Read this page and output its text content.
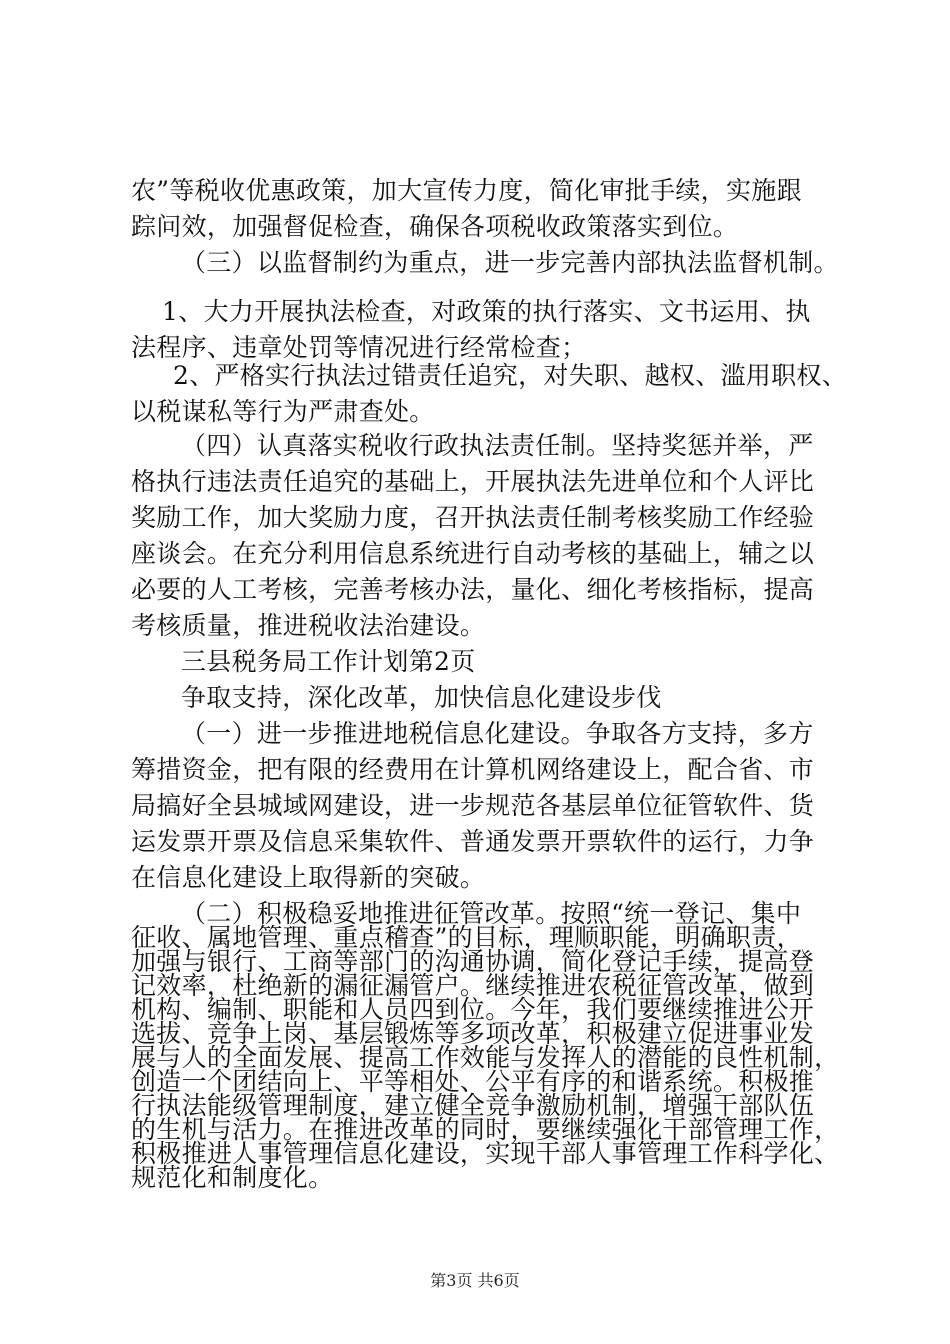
农”等税收优惠政策，加大宣传力度，简化审批手续，实施跟
踪问效，加强督促检查，确保各项税收政策落实到位。
（三）以监督制约为重点，进一步完善内部执法监督机制。
1、大力开展执法检查，对政策的执行落实、文书运用、执
法程序、违章处罚等情况进行经常检查；
2、严格实行执法过错责任追究，对失职、越权、滥用职权、
以税谋私等行为严肃查处。
（四）认真落实税收行政执法责任制。坚持奖惩并举，严
格执行违法责任追究的基础上，开展执法先进单位和个人评比
奖励工作，加大奖励力度，召开执法责任制考核奖励工作经验
座谈会。在充分利用信息系统进行自动考核的基础上，辅之以
必要的人工考核，完善考核办法，量化、细化考核指标，提高
考核质量，推进税收法治建设。
三县税务局工作计划第2页
争取支持，深化改革，加快信息化建设步伐
（一）进一步推进地税信息化建设。争取各方支持，多方
筹措资金，把有限的经费用在计算机网络建设上，配合省、市
局搞好全县城域网建设，进一步规范各基层单位征管软件、货
运发票开票及信息采集软件、普通发票开票软件的运行，力争
在信息化建设上取得新的突破。
（二）积极稳妥地推进征管改革。按照“统一登记、集中
征收、属地管理、重点稽查”的目标，理顺职能，明确职责，
加强与银行、工商等部门的沟通协调，简化登记手续，提高登
记效率，杜绝新的漏征漏管户。继续推进农税征管改革，做到
机构、编制、职能和人员四到位。今年，我们要继续推进公开
选拔、竞争上岗、基层锻炼等多项改革，积极建立促进事业发
展与人的全面发展、提高工作效能与发挥人的潜能的良性机制，
创造一个团结向上、平等相处、公平有序的和谐系统。积极推
行执法能级管理制度，建立健全竞争激励机制，增强干部队伍
的生机与活力。在推进改革的同时，要继续强化干部管理工作，
积极推进人事管理信息化建设，实现干部人事管理工作科学化、
规范化和制度化。
第3页 共6页
